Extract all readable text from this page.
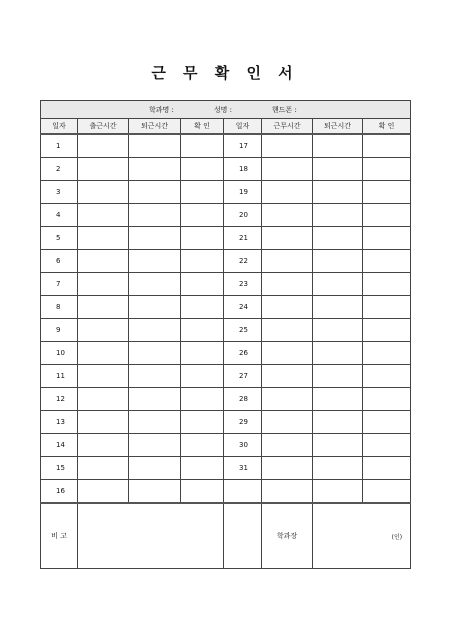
근 무 확 인 서
학과명 : 성명 : 핸드폰 :							

일자	출근시간	퇴근시간	확 인	일자	근무시간	퇴근시간	확 인
1				17			
2				18			
3				19			
4				20			
5				21			
6				22			
7				23			
8				24			
9				25			
10				26			
11				27			
12				28			
13				29			
14				30			
15				31			
16							
비 고					학과장	(인)	
